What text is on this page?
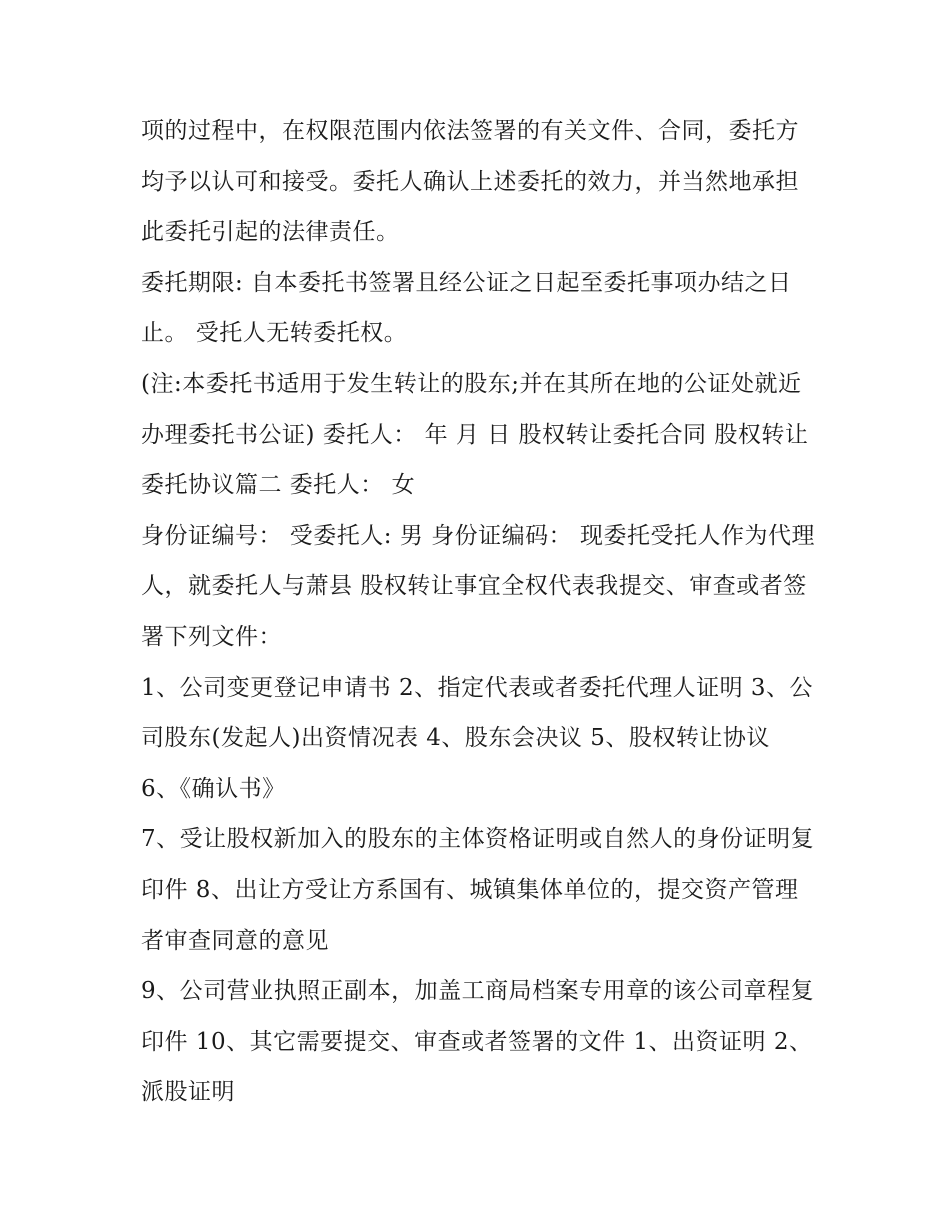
项的过程中，在权限范围内依法签署的有关文件、合同，委托方均予以认可和接受。委托人确认上述委托的效力，并当然地承担此委托引起的法律责任。

委托期限: 自本委托书签署且经公证之日起至委托事项办结之日止。 受托人无转委托权。

(注:本委托书适用于发生转让的股东;并在其所在地的公证处就近办理委托书公证) 委托人： 年 月 日 股权转让委托合同 股权转让委托协议篇二 委托人： 女

身份证编号： 受委托人: 男 身份证编码： 现委托受托人作为代理人，就委托人与萧县 股权转让事宜全权代表我提交、审查或者签署下列文件：

1、公司变更登记申请书 2、指定代表或者委托代理人证明 3、公司股东(发起人)出资情况表 4、股东会决议 5、股权转让协议 6、《确认书》

7、受让股权新加入的股东的主体资格证明或自然人的身份证明复印件 8、出让方受让方系国有、城镇集体单位的，提交资产管理者审查同意的意见

9、公司营业执照正副本，加盖工商局档案专用章的该公司章程复印件 10、其它需要提交、审查或者签署的文件 1、出资证明 2、派股证明
